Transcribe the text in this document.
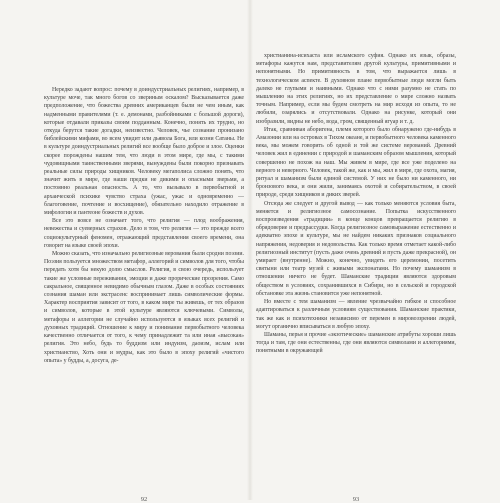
Нередко задают вопрос: почему в доиндустриальных религиях, например, в культуре моче, так много богов со звериным оскалом? Высказывается даже предположение, что божества древних американцев были не чем иным, как надменными правителями (т. е. демонами, разбойниками с большой дороги), которые отдавали приказы своим подданным. Конечно, понять их трудно, но откуда берутся такие догадки, неизвестно. Человек, чье сознание пронизано библейскими мифами, во всем увидит или дьявола Бога, или козни Сатаны. Не в культуре доиндустриальных религий все вообще было доброе и злое. Оценки скорее порождены нашим тем, что люди в этом мире, где мы, с такими чудовищными таинственными зверями, вынуждены были покорно признавать реальные силы природы хищников. Человеку мегаполиса сложно понять, что значит жить в мире, где наши предки не дикими и опасными зверьми, а постоянно реальная опасность. А то, что вызывало в первобытной и архаической психике чувство страха (ужас, ужас и одновременно — благоговение, почтение и восхищение), обязательно находило отражение в мифологии и пантеоне божеств и духов.

Все это вовсе не означает того, что религия — плод воображения, невежества и суеверных страхов. Дело в том, что религия — это прежде всего социокультурный феномен, отражающий представления своего времени, она говорит на языке своей эпохи.

Можно сказать, что изначально религиозные верования были сродни поэзии. Поэзия пользуется множеством метафор, аллегорий и символов для того, чтобы передать хотя бы некую долю смыслов. Религия, в свою очередь, использует такие же условные переживания, эмоции и даже прорические прозрения. Само сакральное, священное невидимо обычным глазом. Даже в особых состояниях сознания шаман или экстрасенс воспринимает лишь символические формы. Характер восприятия зависит от того, в каком мире ты живешь, от тех образов и символов, которые в этой культуре являются ключевыми. Символы, метафоры и аллегории не случайно используются в языках всех религий и духовных традиций. Отношение к миру и понимание первобытного человека качественно отличается от того, к чему принадлежит та или иная «высокая» религия. Это небо, будь то буддизм или индуизм, даоизм, ислам или христианство, Хоть они и мудры, как это было в эпоху религий «чистого опыта» у будды, а, досуга, де-

92

христианина-исихаста или исламского суфия. Однако их язык, образы, метафоры кажутся нам, представителям другой культуры, примитивными и непонятными. Но примитивность в том, что выражается лишь в технологическом аспекте. В духовном плане первобытные люди могли быть далеко не глупыми и наивными. Однако что с ними разумно не стать по мышлению на этих религиях, но их представление о мире сложно назвать точным. Например, если мы будем смотреть на мир исходя из опыта, то не любили, озарялись и отсутствовали. Однако на рисунке, который они изобразили, видны не небо, вода, гром, священный ягуар и т. д.

Итак, сравнивая аборигена, племя которого было обнаружено где-нибудь в Амазонии или на островах в Тихом океане, и первобытного человека каменного века, мы можем говорить об одной и той же системе верований. Древний человек жил в единении с природой и шаманским образом мышления, который совершенно не похож на наш. Мы живем в мире, где все уже поделено на верного и неверного. Человек, такой же, как и мы, жил в мире, где охота, магия, ритуал и шаманизм были единой системой. У них не было ни каменного, ни бронзового века, и они жили, занимаясь охотой и собирательством, в своей природе, среди хищников и диких зверей.

Отсюда же следует и другой вывод — как только меняются условия быта, меняется и религиозное самосознание. Попытка искусственного воспроизведения «традиции» в конце концов превращается религию в обрядоверие и предрассудки. Когда религиозное самовыражение естественно и адекватно эпохе и культуре, мы не найдем никаких признаков социального напряжения, недоверия и недовольства. Как только время отметает какой-либо религиозный институт (пусть даже очень древний и пусть даже прекрасной), он умирает (внутренне). Можно, конечно, увидеть его церемонии, посетить святыни или театр музей с живыми экспонатами. Но почему шаманизм в отношении ничего не будет. Шаманские традиции являются здоровым обществом в условиях, сохранившихся в Сибири, но в сельской и городской обстановке эта жизнь становится уже непонятной.

Но вместе с тем шаманизм — явление чрезвычайно гибкое и способное адаптироваться к различным условиям существования. Шаманские практики, так же как и психотехники независимо от перемен в мировоззрении людей, могут органично вписываться в любую эпоху.

Шаманы, перья и прочие «экзотические» шаманские атрибуты хороши лишь тогда и там, где они естественны, где они являются символами и аллегориями, понятными в окружающей

93
